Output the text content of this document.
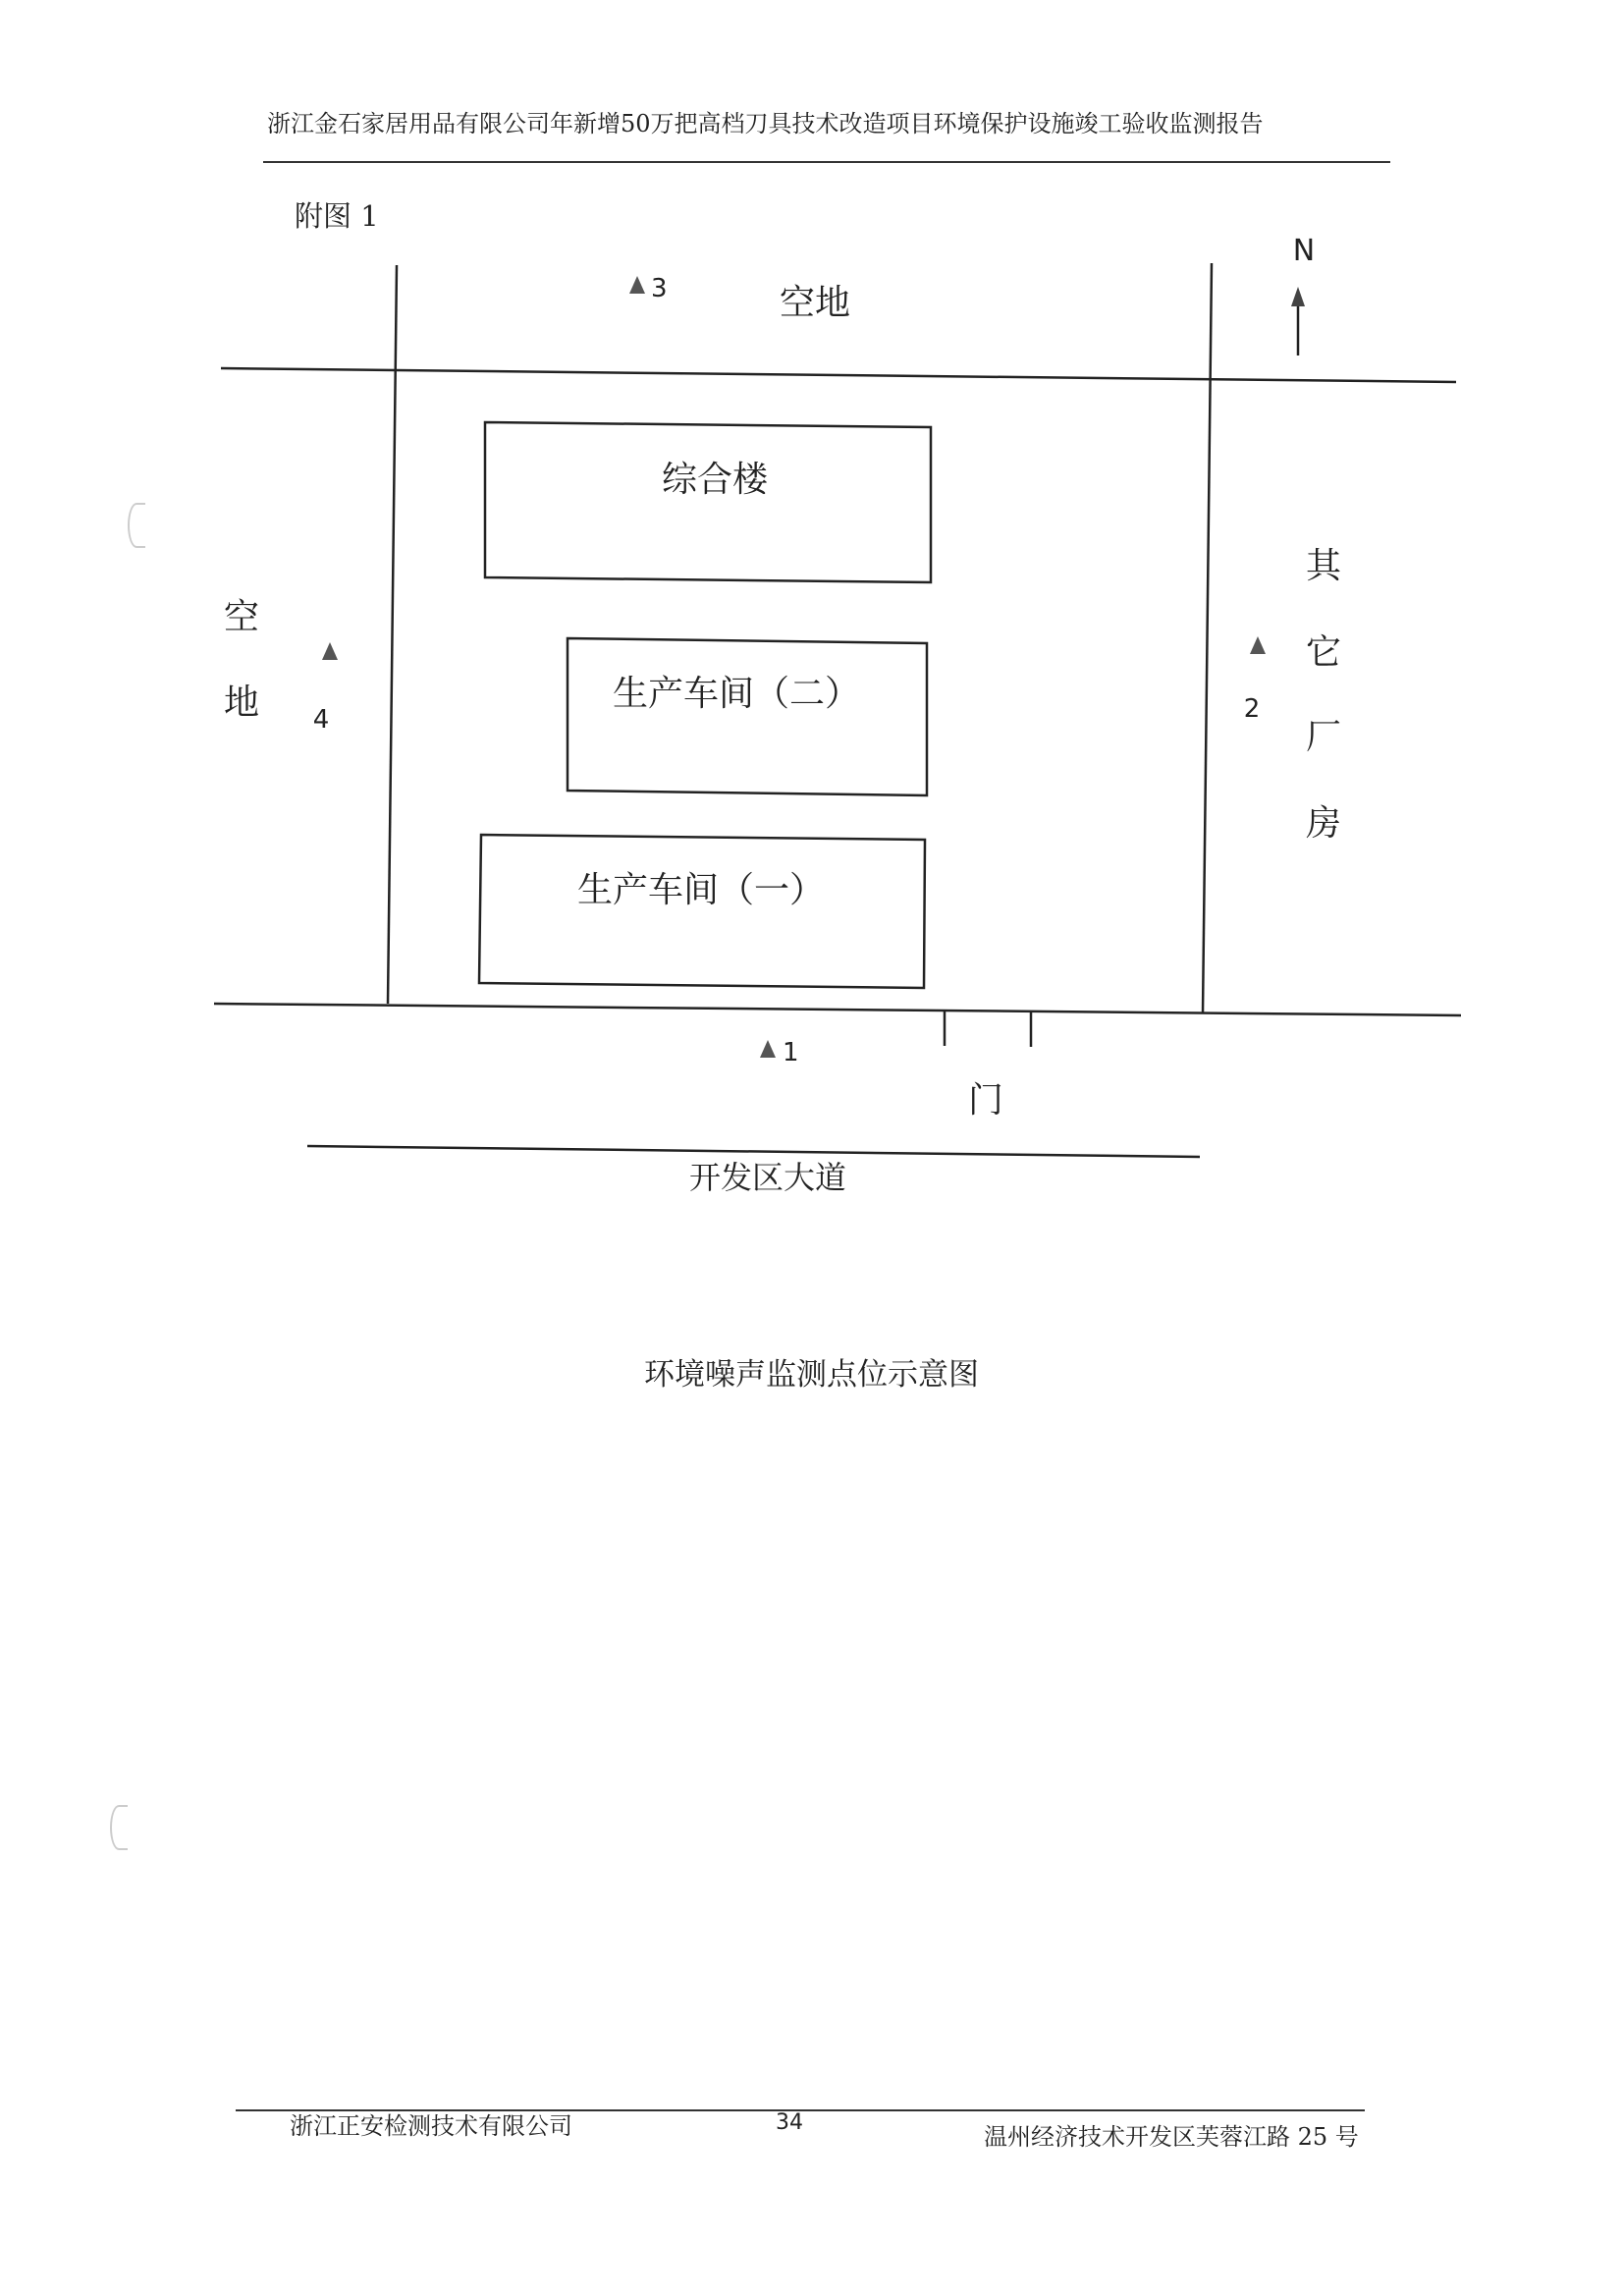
浙江金石家居用品有限公司年新增50万把高档刀具技术改造项目环境保护设施竣工验收监测报告
附图 1
综合楼
生产车间（二）
生产车间（一）
N
空地
空
地
其
它
厂
房
门
开发区大道
3
4	2
1
环境噪声监测点位示意图
浙江正安检测技术有限公司	34
温州经济技术开发区芙蓉江路 25 号
